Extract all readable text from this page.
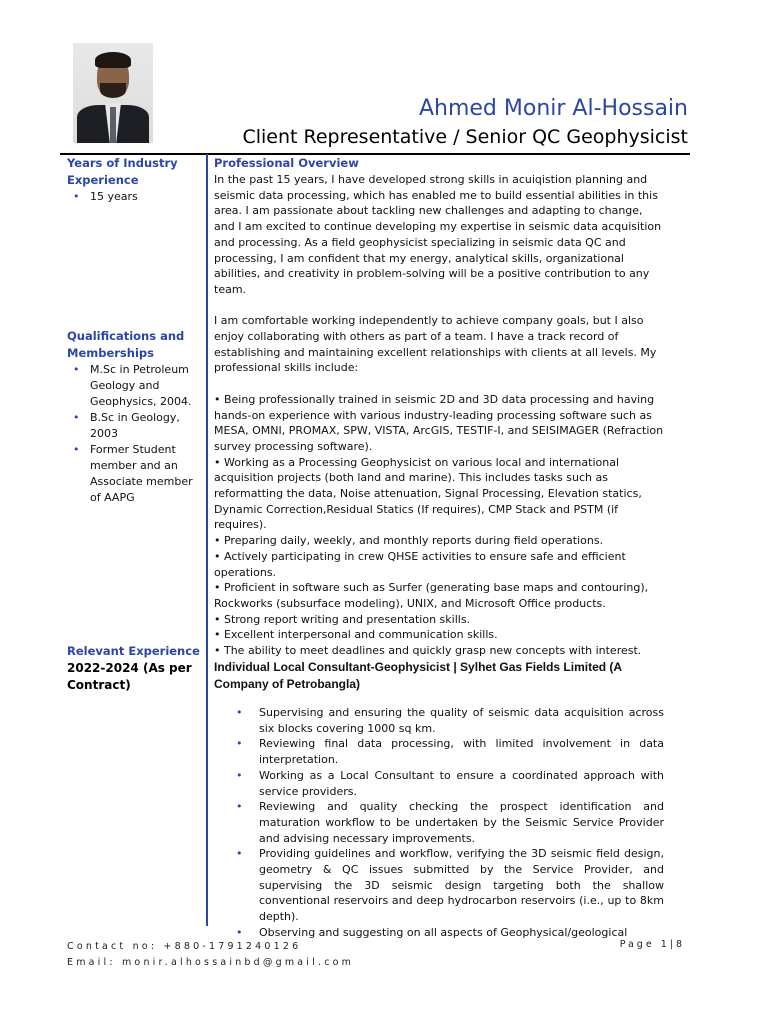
Ahmed Monir Al-Hossain
Client Representative / Senior QC Geophysicist
Years of Industry Experience
• 15 years
Qualifications and Memberships
• M.Sc in Petroleum Geology and Geophysics, 2004.
• B.Sc in Geology, 2003
• Former Student member and an Associate member of AAPG
Relevant Experience
2022-2024 (As per Contract)
Professional Overview

In the past 15 years, I have developed strong skills in acuiqistion planning and seismic data processing, which has enabled me to build essential abilities in this area. I am passionate about tackling new challenges and adapting to change, and I am excited to continue developing my expertise in seismic data acquisition and processing. As a field geophysicist specializing in seismic data QC and processing, I am confident that my energy, analytical skills, organizational abilities, and creativity in problem-solving will be a positive contribution to any team.

I am comfortable working independently to achieve company goals, but I also enjoy collaborating with others as part of a team. I have a track record of establishing and maintaining excellent relationships with clients at all levels. My professional skills include:

• Being professionally trained in seismic 2D and 3D data processing and having hands-on experience with various industry-leading processing software such as MESA, OMNI, PROMAX, SPW, VISTA, ArcGIS, TESTIF-I, and SEISIMAGER (Refraction survey processing software).

• Working as a Processing Geophysicist on various local and international acquisition projects (both land and marine). This includes tasks such as reformatting the data, Noise attenuation, Signal Processing, Elevation statics, Dynamic Correction,Residual Statics (If requires), CMP Stack and PSTM (if requires).

• Preparing daily, weekly, and monthly reports during field operations.

• Actively participating in crew QHSE activities to ensure safe and efficient operations.

• Proficient in software such as Surfer (generating base maps and contouring), Rockworks (subsurface modeling), UNIX, and Microsoft Office products.

• Strong report writing and presentation skills.

• Excellent interpersonal and communication skills.

• The ability to meet deadlines and quickly grasp new concepts with interest.

Individual Local Consultant-Geophysicist | Sylhet Gas Fields Limited (A Company of Petrobangla)
• Supervising and ensuring the quality of seismic data acquisition across six blocks covering 1000 sq km.
• Reviewing final data processing, with limited involvement in data interpretation.
• Working as a Local Consultant to ensure a coordinated approach with service providers.
• Reviewing and quality checking the prospect identification and maturation workflow to be undertaken by the Seismic Service Provider and advising necessary improvements.
• Providing guidelines and workflow, verifying the 3D seismic field design, geometry & QC issues submitted by the Service Provider, and supervising the 3D seismic design targeting both the shallow conventional reservoirs and deep hydrocarbon reservoirs (i.e., up to 8km depth).
• Observing and suggesting on all aspects of Geophysical/geological
Contact no: +880-1791240126
Email: monir.alhossainbd@gmail.com
Page 1|8
